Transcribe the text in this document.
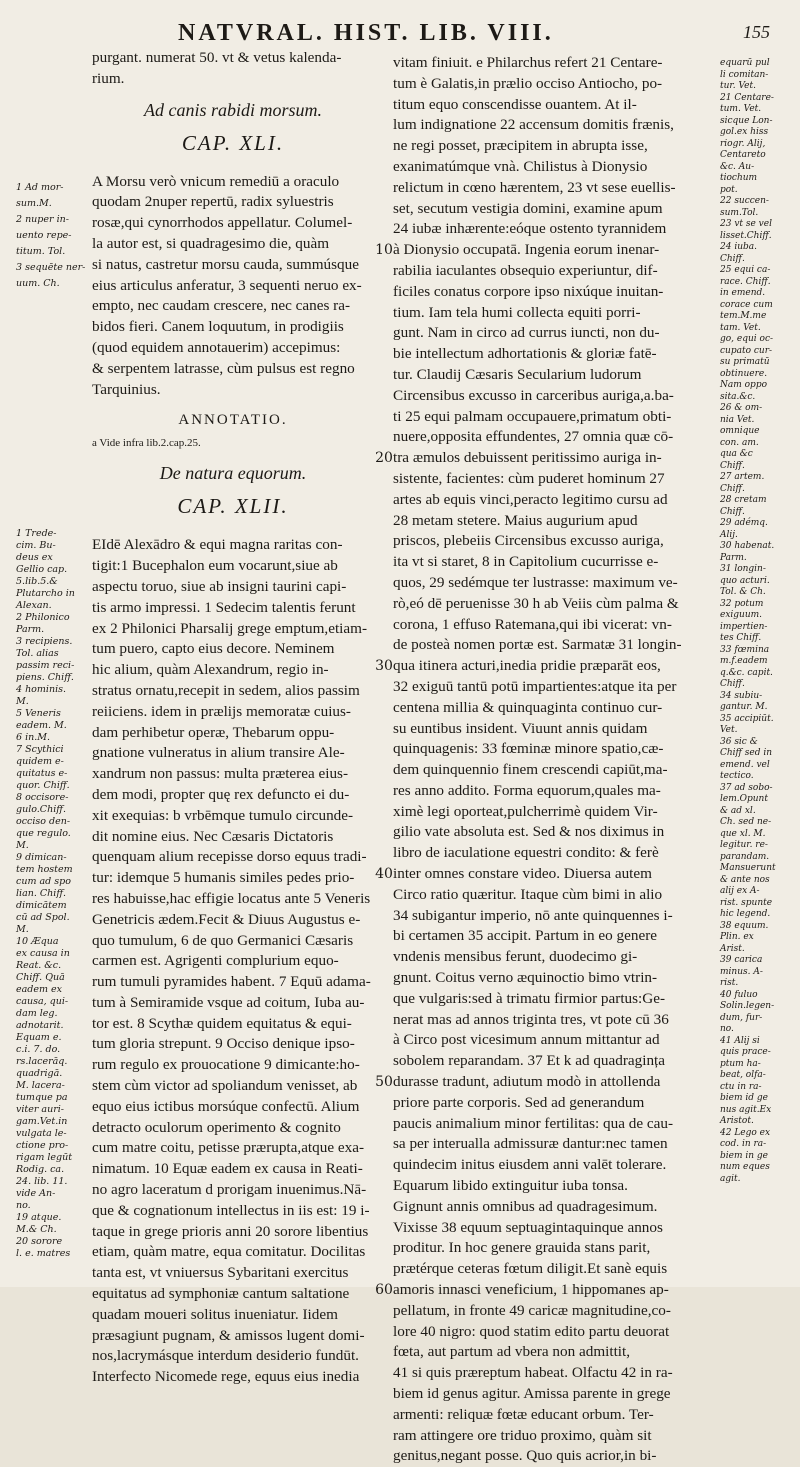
NATVRAL. HIST. LIB. VIII.	155
1 Ad mor-
sum.M.
2 nuper in-
uento repe-
titum. Tol.
3 sequēte ner-
uum. Ch.
1 Trede-
cim. Bu-
deus ex
Gellio cap.
5.lib.5.&
Plutarcho in
Alexan.
2 Philonico
Parm.
3 recipiens.
Tol. alias
passim reci-
piens. Chiff.
4 hominis.
M.
5 Veneris
eadem. M.
6 in.M.
7 Scythici
quidem e-
quitatus e-
quor. Chiff.
8 occisore-
gulo.Chiff.
occiso den-
que regulo.
M.
9 dimican-
tem hostem
cum ad spo
lian. Chiff.
dimicātem
cū ad Spol.
M.
10 Æqua
ex causa in
Reat. &c.
Chiff. Quā
eadem ex
causa, qui-
dam leg.
adnotarit.
Equam e.
c.i. 7. do.
rs.lacerāq.
quadrigā.
M. lacera-
tumque pa
viter auri-
gam.Vet.in
vulgata le-
ctione pro-
rigam legūt
Rodig. ca.
24. lib. 11.
vide An-
no.
19 atque.
M.& Ch.
20 sorore
l. e. matres
equarū pul
li comitan-
tur. Vet.
21 Centare-
tum. Vet.
sicque Lon-
gol.ex hiss
riogr. Alij,
Centareto
&c. Au-
tiochum
pot.
22 succen-
sum.Tol.
23 vt se vel
lisset.Chiff.
24 iuba.
Chiff.
25 equi ca-
race. Chiff.
in emend.
corace cum
tem.M.me
tam. Vet.
go, equi oc-
cupato cur-
su primatū
obtinuere.
Nam oppo
sita.&c.
26 & om-
nia Vet.
omnique
con. am.
qua &c
Chiff.
27 artem.
Chiff.
28 cretam
Chiff.
29 adémq.
Alij.
30 habenat.
Parm.
31 longin-
quo acturi.
Tol. & Ch.
32 potum
exiguum.
impertien-
tes Chiff.
33 fœmina
m.f.eadem
q.&c. capit.
Chiff.
34 subiu-
gantur. M.
35 accipiūt.
Vet.
36 sic &
Chiff sed in
emend. vel
tectico.
37 ad sobo-
lem.Opunt
& ad xl.
Ch. sed ne-
que xl. M.
legitur. re-
parandam.
Mansuerunt
& ante nos
alij ex A-
rist. spunte
hic legend.
38 equum.
Plin. ex
Arist.
39 carica
minus. A-
rist.
40 fuluo
Solin.legen-
dum, fur-
no.
41 Alij si
quis prace-
ptum ha-
beat, olfa-
ctu in ra-
biem id ge
nus agit.Ex
Aristot.
42 Lego ex
cod. in ra-
biem in ge
num eques
agit.
purgant. numerat 50. vt & vetus kalenda-
rium.
Ad canis rabidi morsum.
CAP. XLI.
A Morsu verò vnicum remediū a oraculo
quodam 2nuper repertū, radix syluestris
rosæ,qui cynorrhodos appellatur. Columel-
la autor est, si quadragesimo die, quàm
si natus, castretur morsu cauda, summúsque
eius articulus anferatur, 3 sequenti neruo ex-
empto, nec caudam crescere, nec canes ra-
bidos fieri. Canem loquutum, in prodigiis
(quod equidem annotauerim) accepimus:
& serpentem latrasse, cùm pulsus est regno
Tarquinius.
ANNOTATIO.
a Vide infra lib.2.cap.25.
De natura equorum.
CAP. XLII.
EIdē Alexādro & equi magna raritas con-
tigit:1 Bucephalon eum vocarunt,siue ab
aspectu toruo, siue ab insigni taurini capi-
tis armo impressi. 1 Sedecim talentis ferunt
ex 2 Philonici Pharsalij grege emptum,etiam-
tum puero, capto eius decore. Neminem
hic alium, quàm Alexandrum, regio in-
stratus ornatu,recepit in sedem, alios passim
reiiciens. idem in prælijs memoratæ cuius-
dam perhibetur operæ, Thebarum oppu-
gnatione vulneratus in alium transire Ale-
xandrum non passus: multa præterea eius-
dem modi, propter quę rex defuncto ei du-
xit exequias: b vrbēmque tumulo circunde-
dit nomine eius. Nec Cæsaris Dictatoris
quenquam alium recepisse dorso equus tradi-
tur: idemque 5 humanis similes pedes prio-
res habuisse,hac effigie locatus ante 5 Veneris
Genetricis ædem.Fecit & Diuus Augustus e-
quo tumulum, 6 de quo Germanici Cæsaris
carmen est. Agrigenti complurium equo-
rum tumuli pyramides habent. 7 Equū adama-
tum à Semiramide vsque ad coitum, Iuba au-
tor est. 8 Scythæ quidem equitatus & equi-
tum gloria strepunt. 9 Occiso denique ipso-
rum regulo ex prouocatione 9 dimicante:ho-
stem cùm victor ad spoliandum venisset, ab
equo eius ictibus morsúque confectū. Alium
detracto oculorum operimento & cognito
cum matre coitu, petisse prærupta,atque exa-
nimatum. 10 Equæ eadem ex causa in Reati-
no agro laceratum d prorigam inuenimus.Nā-
que & cognationum intellectus in iis est: 19 i-
taque in grege prioris anni 20 sorore libentius
etiam, quàm matre, equa comitatur. Docilitas
tanta est, vt vniuersus Sybaritani exercitus
equitatus ad symphoniæ cantum saltatione
quadam moueri solitus inueniatur. Iidem
præsagiunt pugnam, & amissos lugent domi-
nos,lacrymásque interdum desiderio fundūt.
Interfecto Nicomede rege, equus eius inedia
10
20
30
40
50
60
vitam finiuit. e Philarchus refert 21 Centare-
tum è Galatis,in prælio occiso Antiocho, po-
titum equo conscendisse ouantem. At il-
lum indignatione 22 accensum domitis frænis,
ne regi posset, præcipitem in abrupta isse,
exanimatúmque vnà. Chilistus à Dionysio
relictum in cœno hærentem, 23 vt sese euellis-
set, secutum vestigia domini, examine apum
24 iubæ inhærente:eóque ostento tyrannidem
à Dionysio occupatā. Ingenia eorum inenar-
rabilia iaculantes obsequio experiuntur, dif-
ficiles conatus corpore ipso nixúque inuitan-
tium. Iam tela humi collecta equiti porri-
gunt. Nam in circo ad currus iuncti, non du-
bie intellectum adhortationis & gloriæ fatē-
tur. Claudij Cæsaris Secularium ludorum
Circensibus excusso in carceribus auriga,a.ba-
ti 25 equi palmam occupauere,primatum obti-
nuere,opposita effundentes, 27 omnia quæ cō-
tra æmulos debuissent peritissimo auriga in-
sistente, facientes: cùm puderet hominum 27
artes ab equis vinci,peracto legitimo cursu ad
28 metam stetere. Maius augurium apud
priscos, plebeiis Circensibus excusso auriga,
ita vt si staret, 8 in Capitolium cucurrisse e-
quos, 29 sedémque ter lustrasse: maximum ve-
rò,eó dē peruenisse 30 h ab Veiis cùm palma &
corona, 1 effuso Ratemana,qui ibi vicerat: vn-
de posteà nomen portæ est. Sarmatæ 31 longin-
qua itinera acturi,inedia pridie præparāt eos,
32 exiguū tantū potū impartientes:atque ita per
centena millia & quinquaginta continuo cur-
su euntibus insident. Viuunt annis quidam
quinquagenis: 33 fœminæ minore spatio,cæ-
dem quinquennio finem crescendi capiūt,ma-
res anno addito. Forma equorum,quales ma-
ximè legi oporteat,pulcherrimè quidem Vir-
gilio vate absoluta est. Sed & nos diximus in
libro de iaculatione equestri condito: & ferè
inter omnes constare video. Diuersa autem
Circo ratio quæritur. Itaque cùm bimi in alio
34 subigantur imperio, nō ante quinquennes i-
bi certamen 35 accipit. Partum in eo genere
vndenis mensibus ferunt, duodecimo gi-
gnunt. Coitus verno æquinoctio bimo vtrin-
que vulgaris:sed à trimatu firmior partus:Ge-
nerat mas ad annos triginta tres, vt pote cū 36
à Circo post vicesimum annum mittantur ad
sobolem reparandam. 37 Et k ad quadragința
durasse tradunt, adiutum modò in attollenda
priore parte corporis. Sed ad generandum
paucis animalium minor fertilitas: qua de cau-
sa per interualla admissuræ dantur:nec tamen
quindecim initus eiusdem anni valēt tolerare.
Equarum libido extinguitur iuba tonsa.
Gignunt annis omnibus ad quadragesimum.
Vixisse 38 equum septuagintaquinque annos
proditur. In hoc genere grauida stans parit,
prætérque ceteras fœtum diligit.Et sanè equis
amoris innasci veneficium, 1 hippomanes ap-
pellatum, in fronte 49 caricæ magnitudine,co-
lore 40 nigro: quod statim edito partu deuorat
fœta, aut partum ad vbera non admittit,
41 si quis præreptum habeat. Olfactu 42 in ra-
biem id genus agitur. Amissa parente in grege
armenti: reliquæ fœtæ educant orbum. Ter-
ram attingere ore triduo proximo, quàm sit
genitus,negant posse. Quo quis acrior,in bi-
